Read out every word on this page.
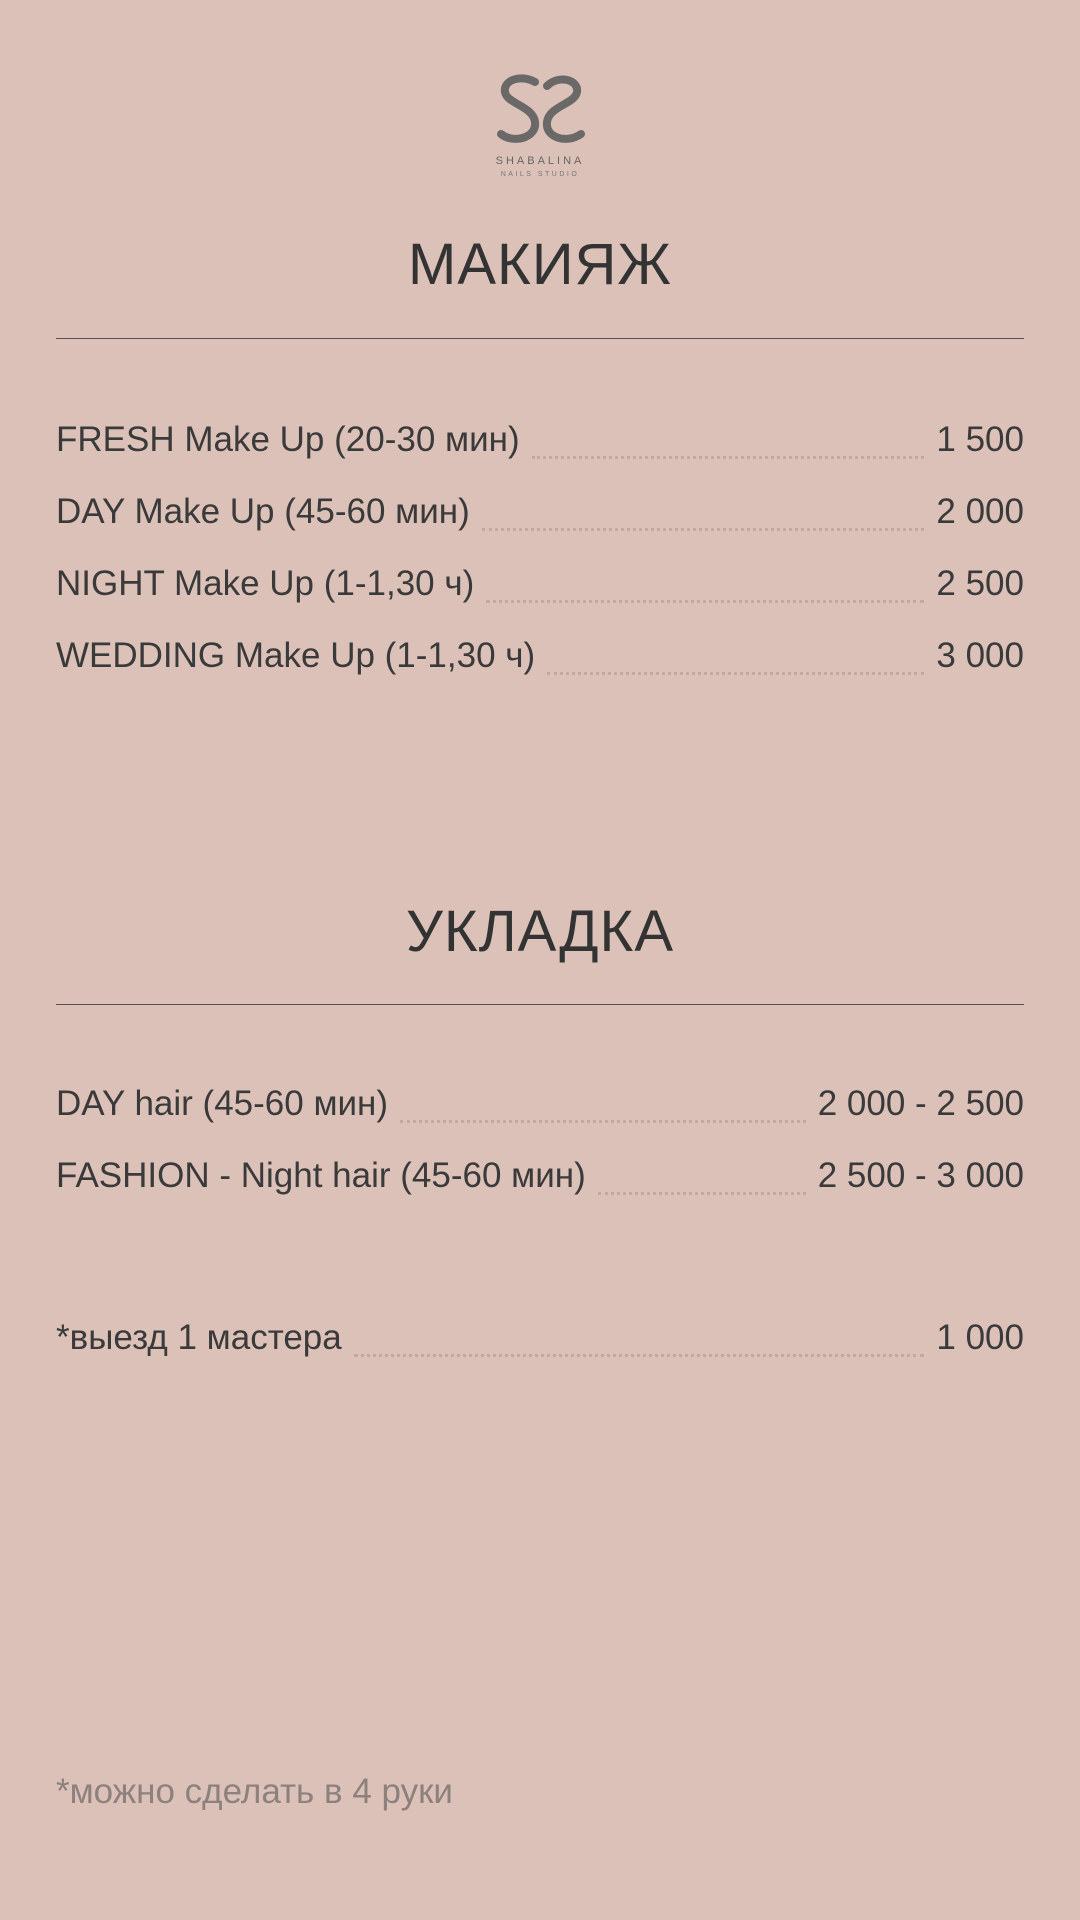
SHABALINA
NAILS STUDIO
МАКИЯЖ
FRESH Make Up (20-30 мин)	1 500
DAY Make Up (45-60 мин)	2 000
NIGHT Make Up (1-1,30 ч)	2 500
WEDDING Make Up (1-1,30 ч)	3 000
УКЛАДКА
DAY hair (45-60 мин)	2 000 - 2 500
FASHION - Night hair (45-60 мин)	2 500 - 3 000
*выезд 1 мастера	1 000
*можно сделать в 4 руки
